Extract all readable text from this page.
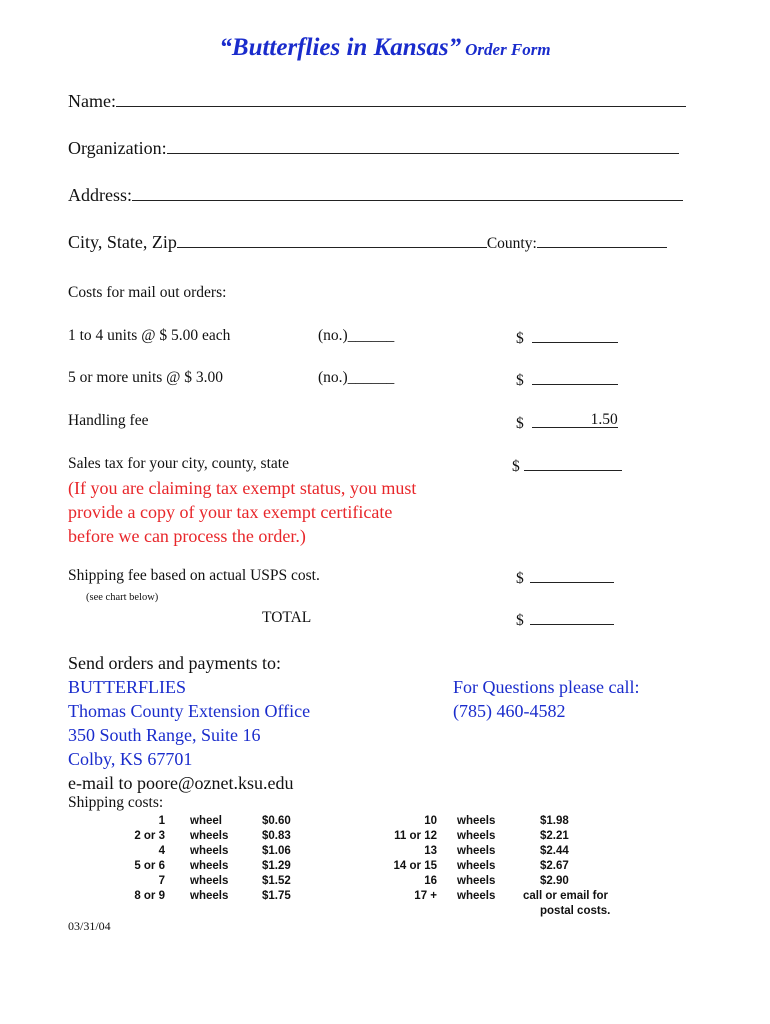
“Butterflies in Kansas” Order Form
Name:
Organization:
Address:
City, State, Zip	County:
Costs for mail out orders:
1 to 4 units @ $ 5.00 each	(no.)______	$
5 or more units @ $ 3.00	(no.)______	$
Handling fee	$	1.50
Sales tax for your city, county, state	$
(If you are claiming tax exempt status, you must provide a copy of your tax exempt certificate before we can process the order.)
Shipping fee based on actual USPS cost.	$
(see chart below)
TOTAL	$
Send orders and payments to:
BUTTERFLIES
Thomas County Extension Office
350 South Range, Suite 16
Colby, KS 67701
e-mail to poore@oznet.ksu.edu
For Questions please call:
(785) 460-4582
Shipping costs:
1 wheel	$0.60
2 or 3 wheels	$0.83
4 wheels	$1.06
5 or 6 wheels	$1.29
7 wheels	$1.52
8 or 9 wheels	$1.75
10 wheels	$1.98
11 or 12 wheels	$2.21
13 wheels	$2.44
14 or 15 wheels	$2.67
16 wheels	$2.90
17 + wheels call or email for
postal costs.
03/31/04
